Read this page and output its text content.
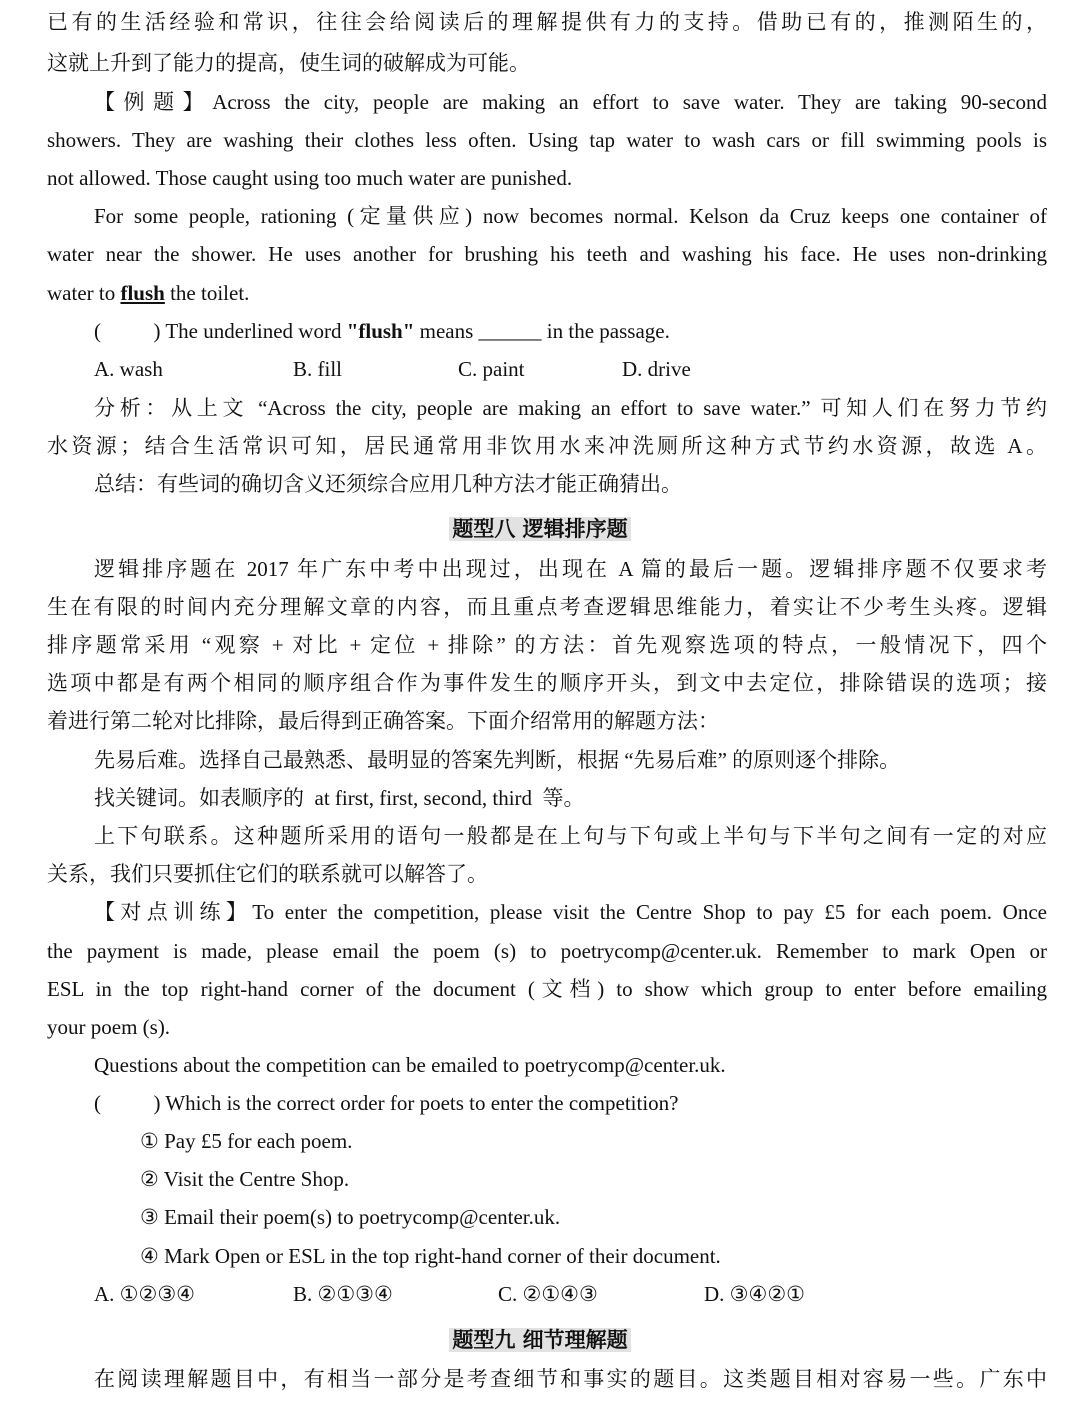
已有的生活经验和常识，往往会给阅读后的理解提供有力的支持。借助已有的，推测陌生的，
这就上升到了能力的提高，使生词的破解成为可能。
【例题】Across the city, people are making an effort to save water. They are taking 90-second
showers. They are washing their clothes less often. Using tap water to wash cars or fill swimming pools is
not allowed. Those caught using too much water are punished.
For some people, rationing (定量供应) now becomes normal. Kelson da Cruz keeps one container of
water near the shower. He uses another for brushing his teeth and washing his face. He uses non-drinking
water to flush the toilet.
(          ) The underlined word "flush" means ______ in the passage.
A. wash	B. fill	C. paint	D. drive
分析：从上文 “Across the city, people are making an effort to save water.” 可知人们在努力节约
水资源；结合生活常识可知，居民通常用非饮用水来冲洗厕所这种方式节约水资源，故选 A。
总结：有些词的确切含义还须综合应用几种方法才能正确猜出。
题型八 逻辑排序题
逻辑排序题在 2017 年广东中考中出现过，出现在 A 篇的最后一题。逻辑排序题不仅要求考
生在有限的时间内充分理解文章的内容，而且重点考查逻辑思维能力，着实让不少考生头疼。逻辑
排序题常采用 “观察 + 对比 + 定位 + 排除” 的方法：首先观察选项的特点，一般情况下，四个
选项中都是有两个相同的顺序组合作为事件发生的顺序开头，到文中去定位，排除错误的选项；接
着进行第二轮对比排除，最后得到正确答案。下面介绍常用的解题方法：
先易后难。选择自己最熟悉、最明显的答案先判断，根据 “先易后难” 的原则逐个排除。
找关键词。如表顺序的  at first, first, second, third  等。
上下句联系。这种题所采用的语句一般都是在上句与下句或上半句与下半句之间有一定的对应
关系，我们只要抓住它们的联系就可以解答了。
【对点训练】To enter the competition, please visit the Centre Shop to pay £5 for each poem. Once
the payment is made, please email the poem (s) to poetrycomp@center.uk. Remember to mark Open or
ESL in the top right-hand corner of the document (文档) to show which group to enter before emailing
your poem (s).
Questions about the competition can be emailed to poetrycomp@center.uk.
(          ) Which is the correct order for poets to enter the competition?
① Pay £5 for each poem.
② Visit the Centre Shop.
③ Email their poem(s) to poetrycomp@center.uk.
④ Mark Open or ESL in the top right-hand corner of their document.
A. ①②③④	B. ②①③④	C. ②①④③	D. ③④②①
题型九 细节理解题
在阅读理解题目中，有相当一部分是考查细节和事实的题目。这类题目相对容易一些。广东中
